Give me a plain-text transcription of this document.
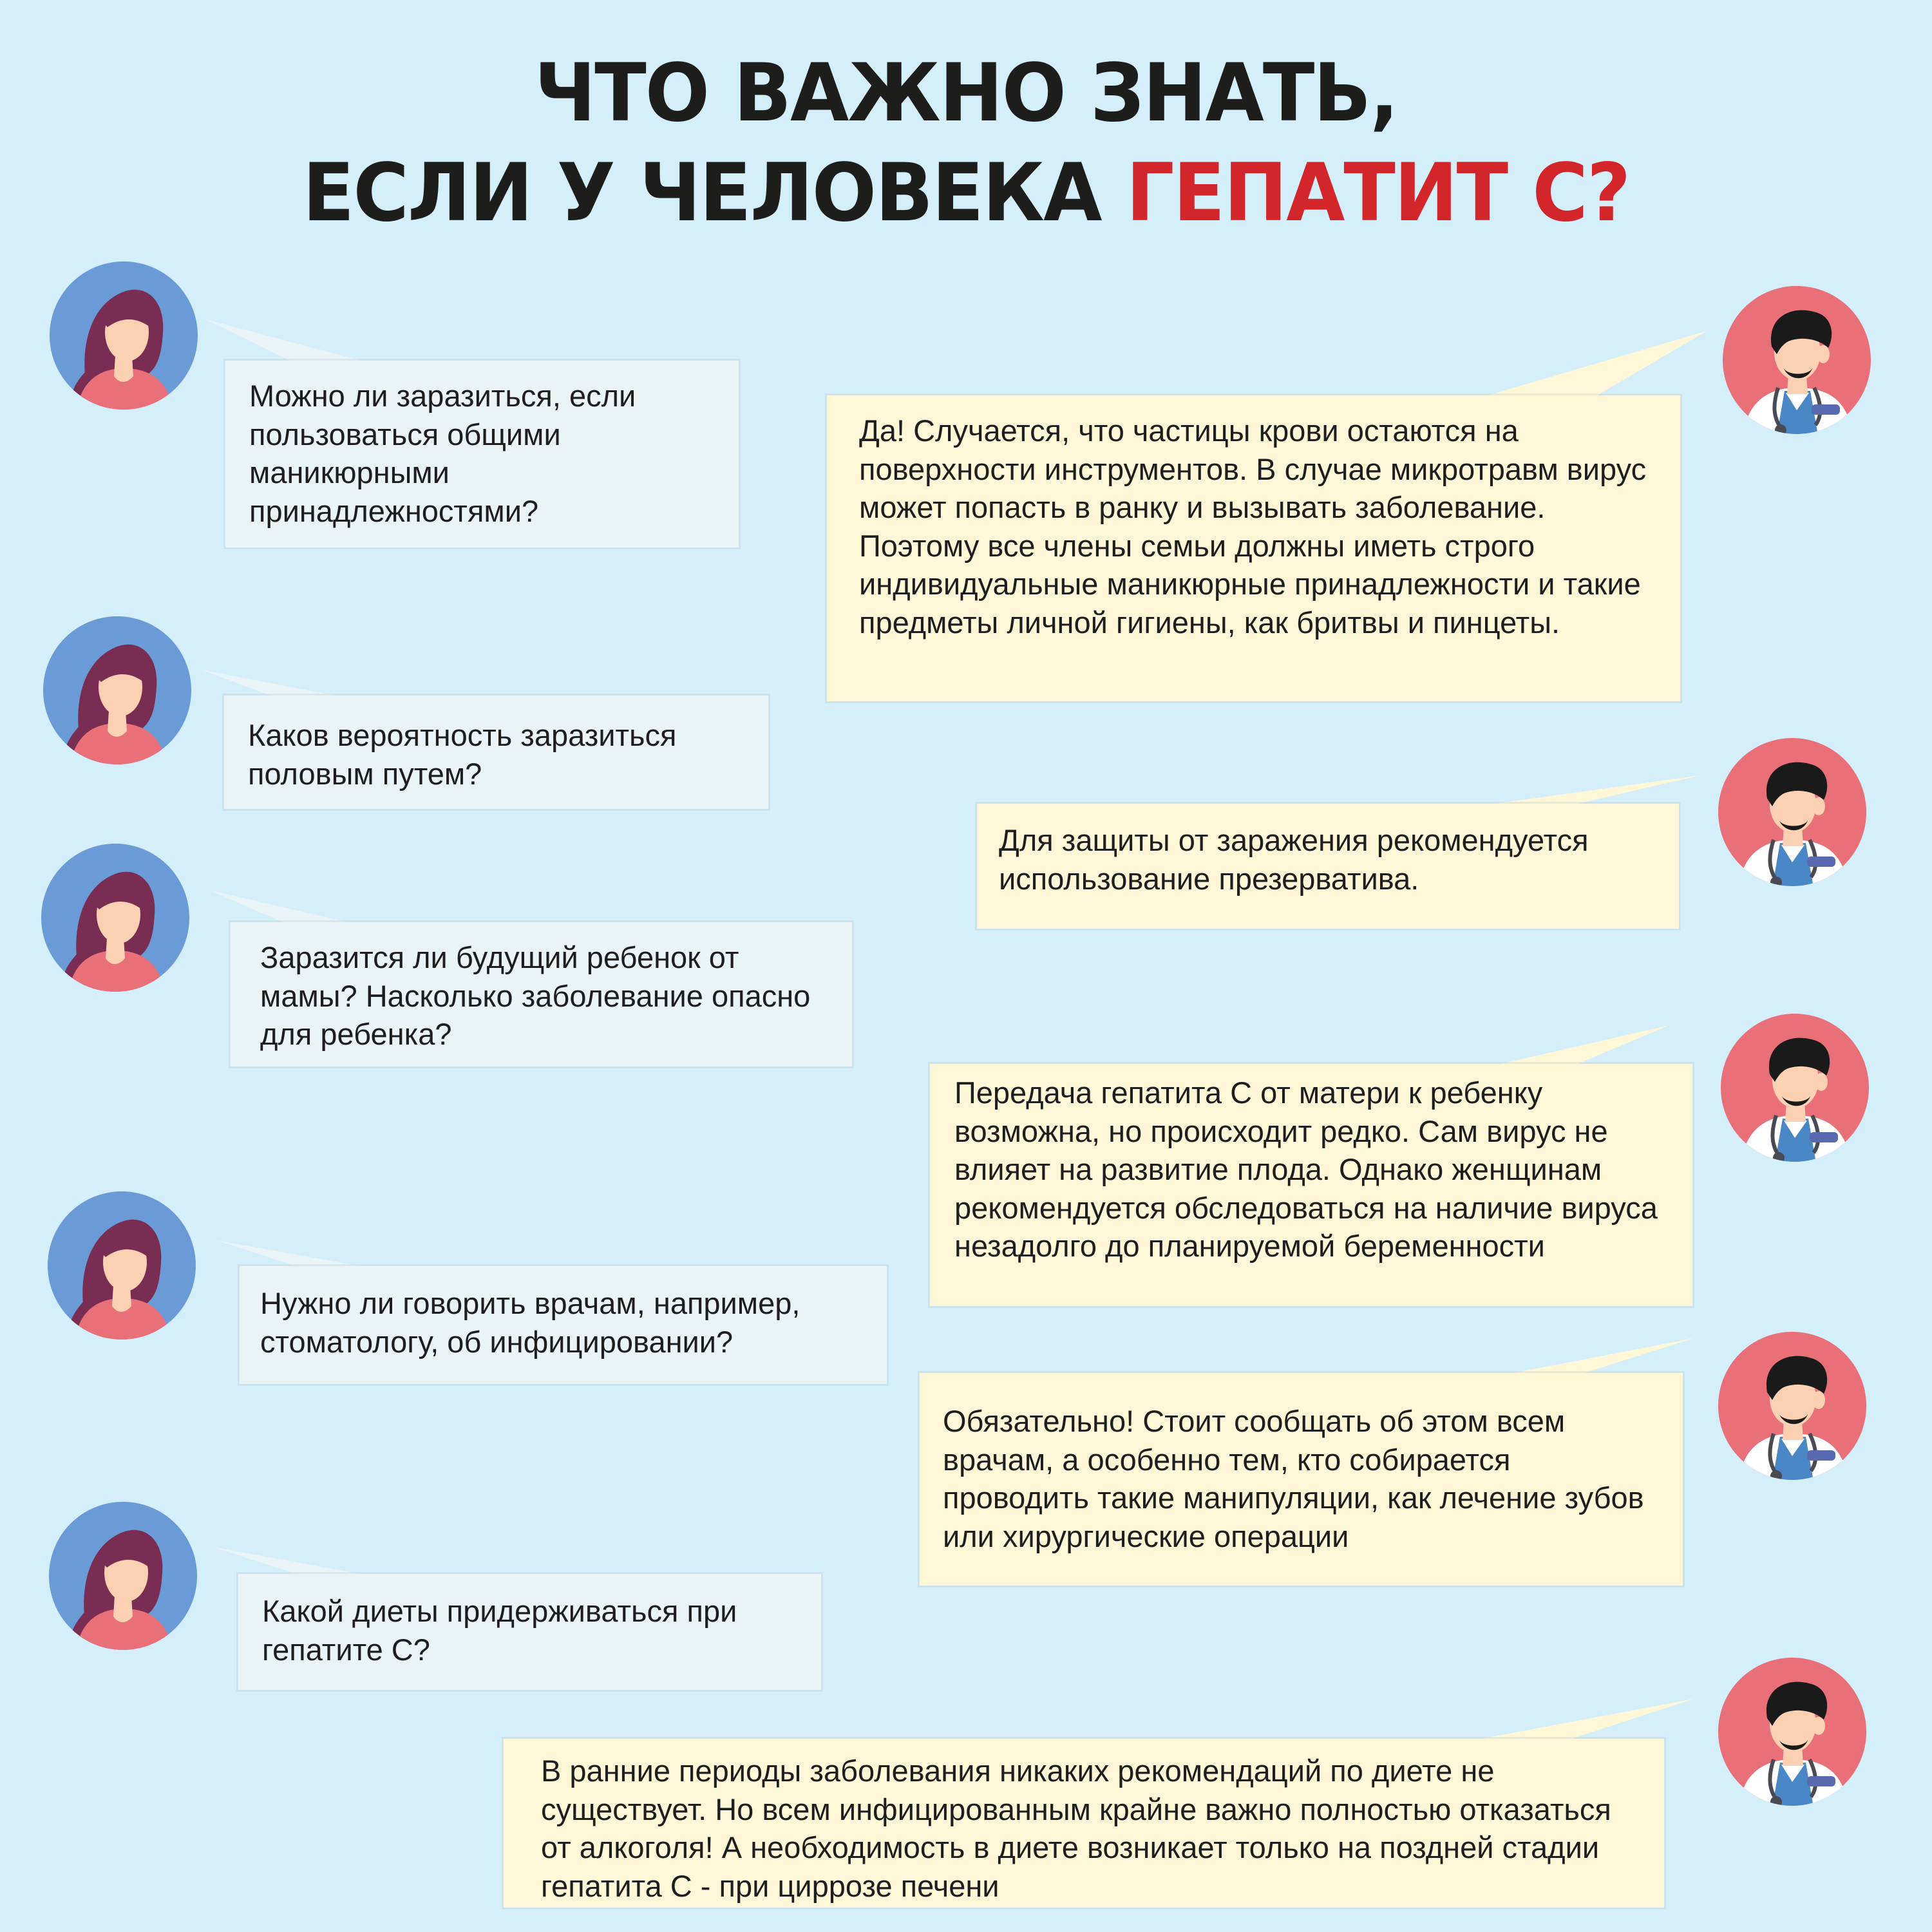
ЧТО ВАЖНО ЗНАТЬ,
ЕСЛИ У ЧЕЛОВЕКА ГЕПАТИТ С?
Можно ли заразиться, если пользоваться общими маникюрными принадлежностями?
Каков вероятность заразиться половым путем?
Заразится ли будущий ребенок от мамы? Насколько заболевание опасно для ребенка?
Нужно ли говорить врачам, например, стоматологу, об инфицировании?
Какой диеты придерживаться при гепатите С?
Да! Случается, что частицы крови остаются на поверхности инструментов. В случае микротравм вирус может попасть в ранку и вызывать заболевание. Поэтому все члены семьи должны иметь строго индивидуальные маникюрные принадлежности и такие предметы личной гигиены, как бритвы и пинцеты.
Для защиты от заражения рекомендуется использование презерватива.
Передача гепатита С от матери к ребенку возможна, но происходит редко. Сам вирус не влияет на развитие плода. Однако женщинам рекомендуется обследоваться на наличие вируса незадолго до планируемой беременности
Обязательно! Стоит сообщать об этом всем врачам, а особенно тем, кто собирается проводить такие манипуляции, как лечение зубов или хирургические операции
В ранние периоды заболевания никаких рекомендаций по диете не существует. Но всем инфицированным крайне важно полностью отказаться от алкоголя! А необходимость в диете возникает только на поздней стадии гепатита С - при циррозе печени
